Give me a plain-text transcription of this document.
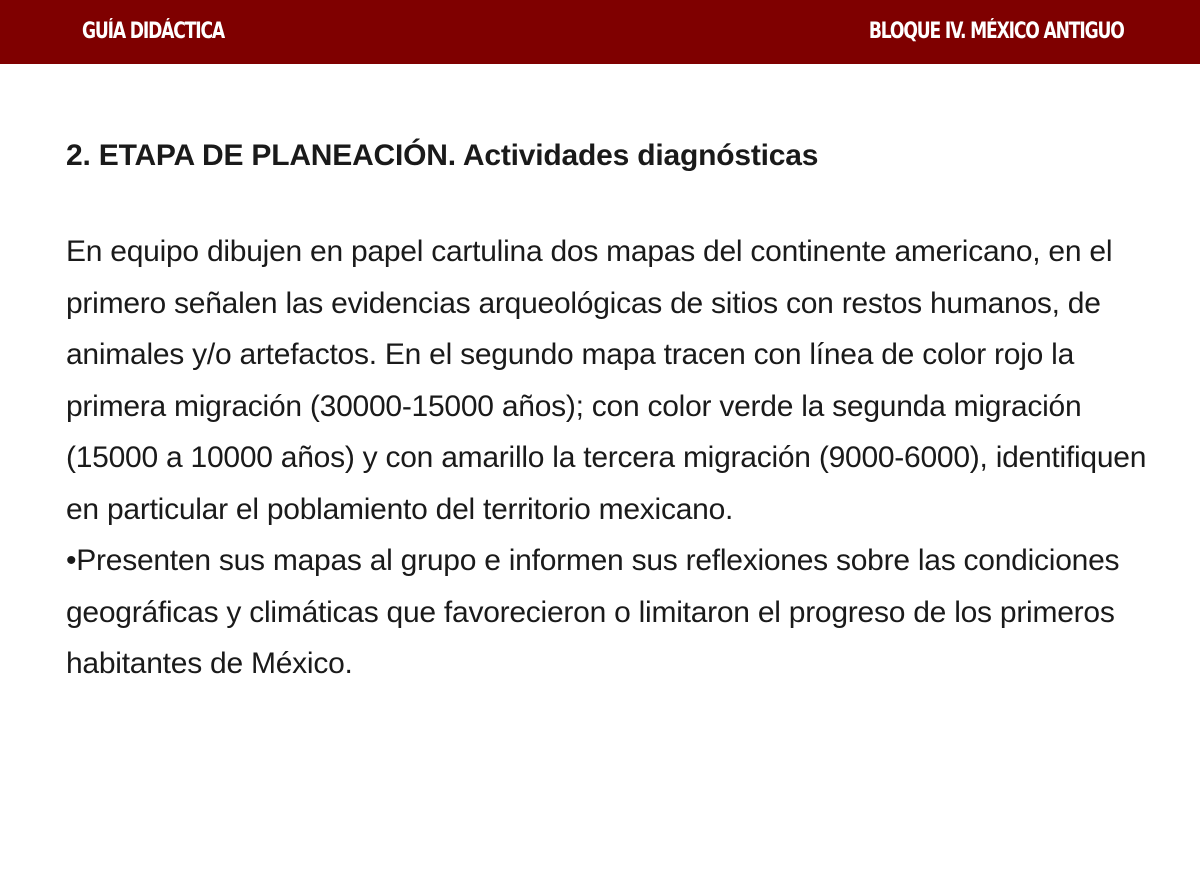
GUÍA DIDÁCTICA	BLOQUE IV. MÉXICO ANTIGUO
2. ETAPA DE PLANEACIÓN. Actividades diagnósticas

En equipo dibujen en papel cartulina dos mapas del continente americano, en el primero señalen las evidencias arqueológicas de sitios con restos humanos, de animales y/o artefactos. En el segundo mapa tracen con línea de color rojo la primera migración (30000-15000 años); con color verde la segunda migración (15000 a 10000 años) y con amarillo la tercera migración (9000-6000), identifiquen en particular el poblamiento del territorio mexicano.

•Presenten sus mapas al grupo e informen sus reflexiones sobre las condiciones geográficas y climáticas que favorecieron o limitaron el progreso de los primeros habitantes de México.
